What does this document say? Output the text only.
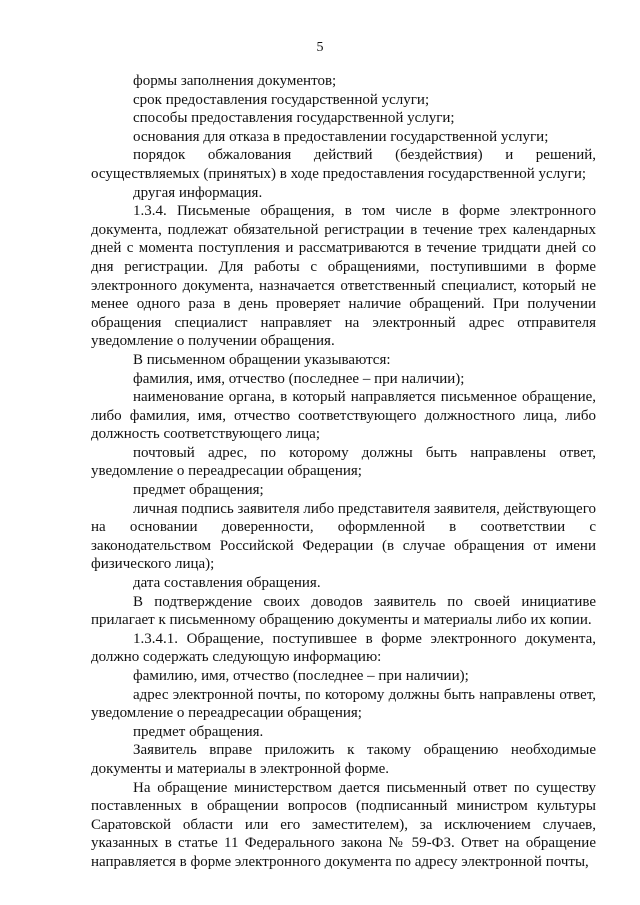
5

формы заполнения документов;

срок предоставления государственной услуги;

способы предоставления государственной услуги;

основания для отказа в предоставлении государственной услуги;

порядок обжалования действий (бездействия) и решений, осуществляемых (принятых) в ходе предоставления государственной услуги;

другая информация.

1.3.4. Письменые обращения, в том числе в форме электронного документа, подлежат обязательной регистрации в течение трех календарных дней с момента поступления и рассматриваются в течение тридцати дней со дня регистрации. Для работы с обращениями, поступившими в форме электронного документа, назначается ответственный специалист, который не менее одного раза в день проверяет наличие обращений. При получении обращения специалист направляет на электронный адрес отправителя уведомление о получении обращения.

В письменном обращении указываются:

фамилия, имя, отчество (последнее – при наличии);

наименование органа, в который направляется письменное обращение, либо фамилия, имя, отчество соответствующего должностного лица, либо должность соответствующего лица;

почтовый адрес, по которому должны быть направлены ответ, уведомление о переадресации обращения;

предмет обращения;

личная подпись заявителя либо представителя заявителя, действующего на основании доверенности, оформленной в соответствии с законодательством Российской Федерации (в случае обращения от имени физического лица);

дата составления обращения.

В подтверждение своих доводов заявитель по своей инициативе прилагает к письменному обращению документы и материалы либо их копии.

1.3.4.1. Обращение, поступившее в форме электронного документа, должно содержать следующую информацию:

фамилию, имя, отчество (последнее – при наличии);

адрес электронной почты, по которому должны быть направлены ответ, уведомление о переадресации обращения;

предмет обращения.

Заявитель вправе приложить к такому обращению необходимые документы и материалы в электронной форме.

На обращение министерством дается письменный ответ по существу поставленных в обращении вопросов (подписанный министром культуры Саратовской области или его заместителем), за исключением случаев, указанных в статье 11 Федерального закона № 59-ФЗ. Ответ на обращение направляется в форме электронного документа по адресу электронной почты,
